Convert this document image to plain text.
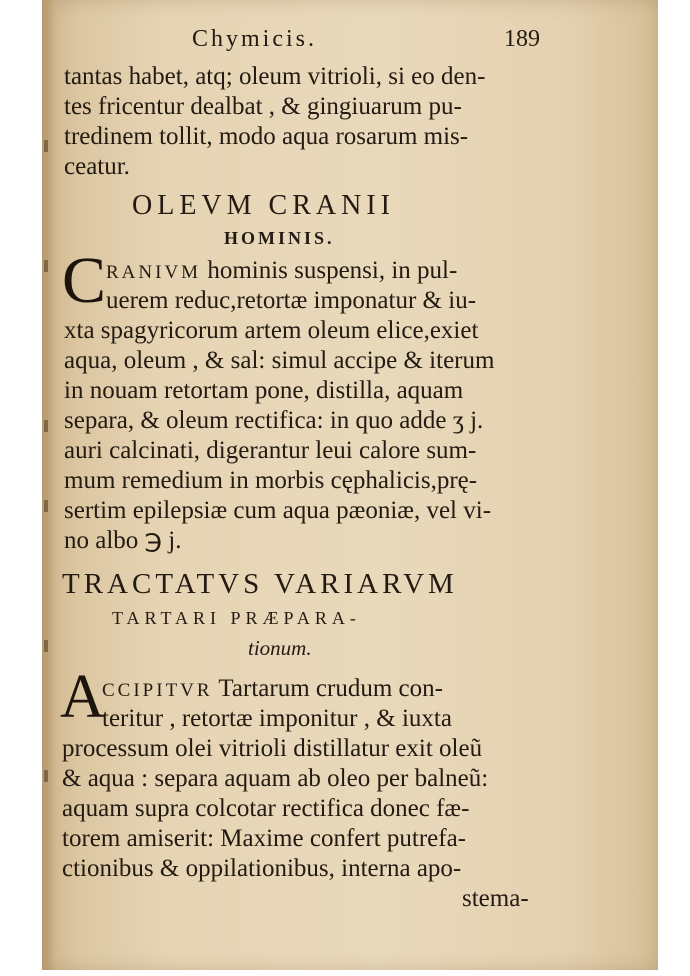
Chymicis.	189
tantas habet, atq; oleum vitrioli, si eo den-
tes fricentur dealbat , & gingiuarum pu-
tredinem tollit, modo aqua rosarum mis-
ceatur.
OLEVM CRANII
HOMINIS.
C RANIVM hominis suspensi, in pul-
uerem reduc,retortæ imponatur & iu-
xta spagyricorum artem oleum elice,exiet
aqua, oleum , & sal: simul accipe & iterum
in nouam retortam pone, distilla, aquam
separa, & oleum rectifica: in quo adde ʒ j.
auri calcinati, digerantur leui calore sum-
mum remedium in morbis cęphalicis,prę-
sertim epilepsiæ cum aqua pæoniæ, vel vi-
no albo ℈ j.
TRACTATVS VARIARVM
TARTARI PRÆPARA-
tionum.
A
CCIPITVR Tartarum crudum con-
teritur , retortæ imponitur , & iuxta
processum olei vitrioli distillatur exit oleũ
& aqua : separa aquam ab oleo per balneũ:
aquam supra colcotar rectifica donec fæ-
torem amiserit: Maxime confert putrefa-
ctionibus & oppilationibus, interna apo-
stema-
